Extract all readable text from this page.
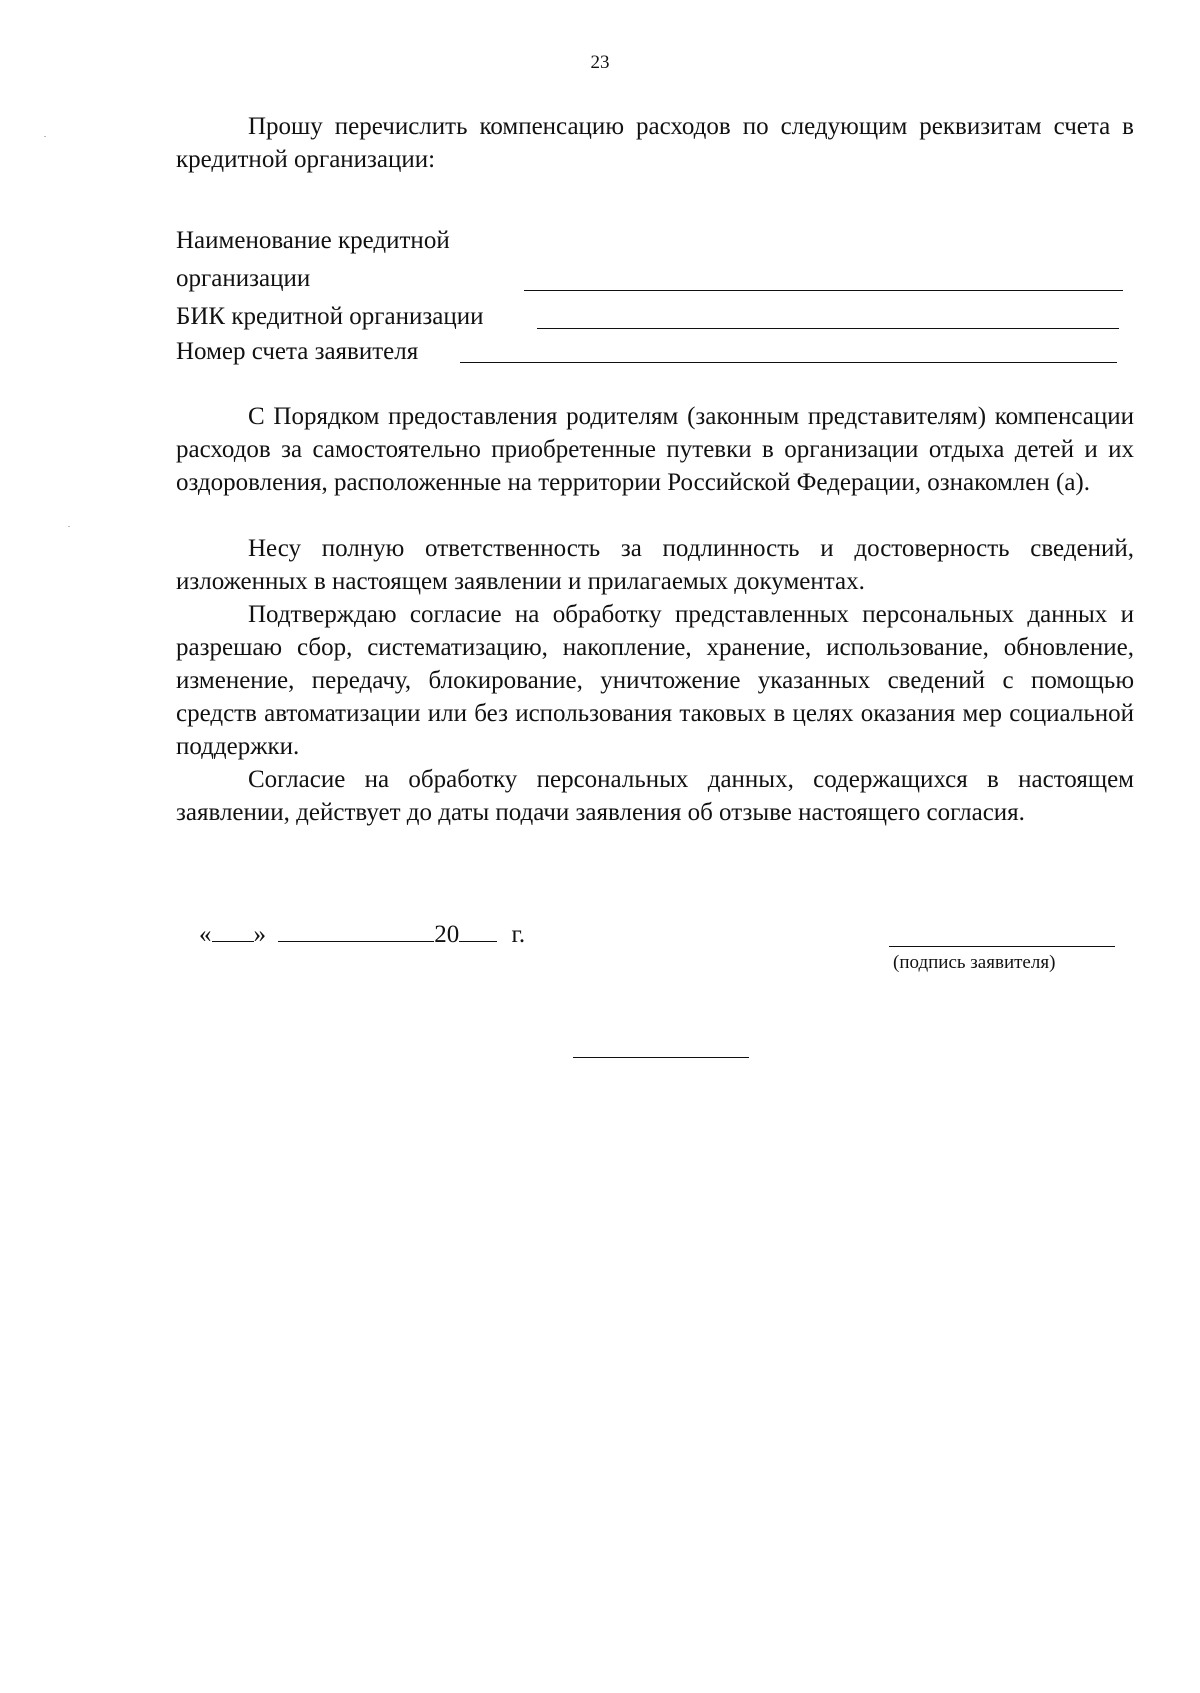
23

Прошу перечислить компенсацию расходов по следующим реквизитам счета в кредитной организации:

Наименование кредитной
организации
БИК кредитной организации
Номер счета заявителя

С Порядком предоставления родителям (законным представителям) компенсации расходов за самостоятельно приобретенные путевки в организации отдыха детей и их оздоровления, расположенные на территории Российской Федерации, ознакомлен (а).

Несу полную ответственность за подлинность и достоверность сведений, изложенных в настоящем заявлении и прилагаемых документах.

Подтверждаю согласие на обработку представленных персональных данных и разрешаю сбор, систематизацию, накопление, хранение, использование, обновление, изменение, передачу, блокирование, уничтожение указанных сведений с помощью средств автоматизации или без использования таковых в целях оказания мер социальной поддержки.

Согласие на обработку персональных данных, содержащихся в настоящем заявлении, действует до даты подачи заявления об отзыве настоящего согласия.

« »	20 г.
(подпись заявителя)
